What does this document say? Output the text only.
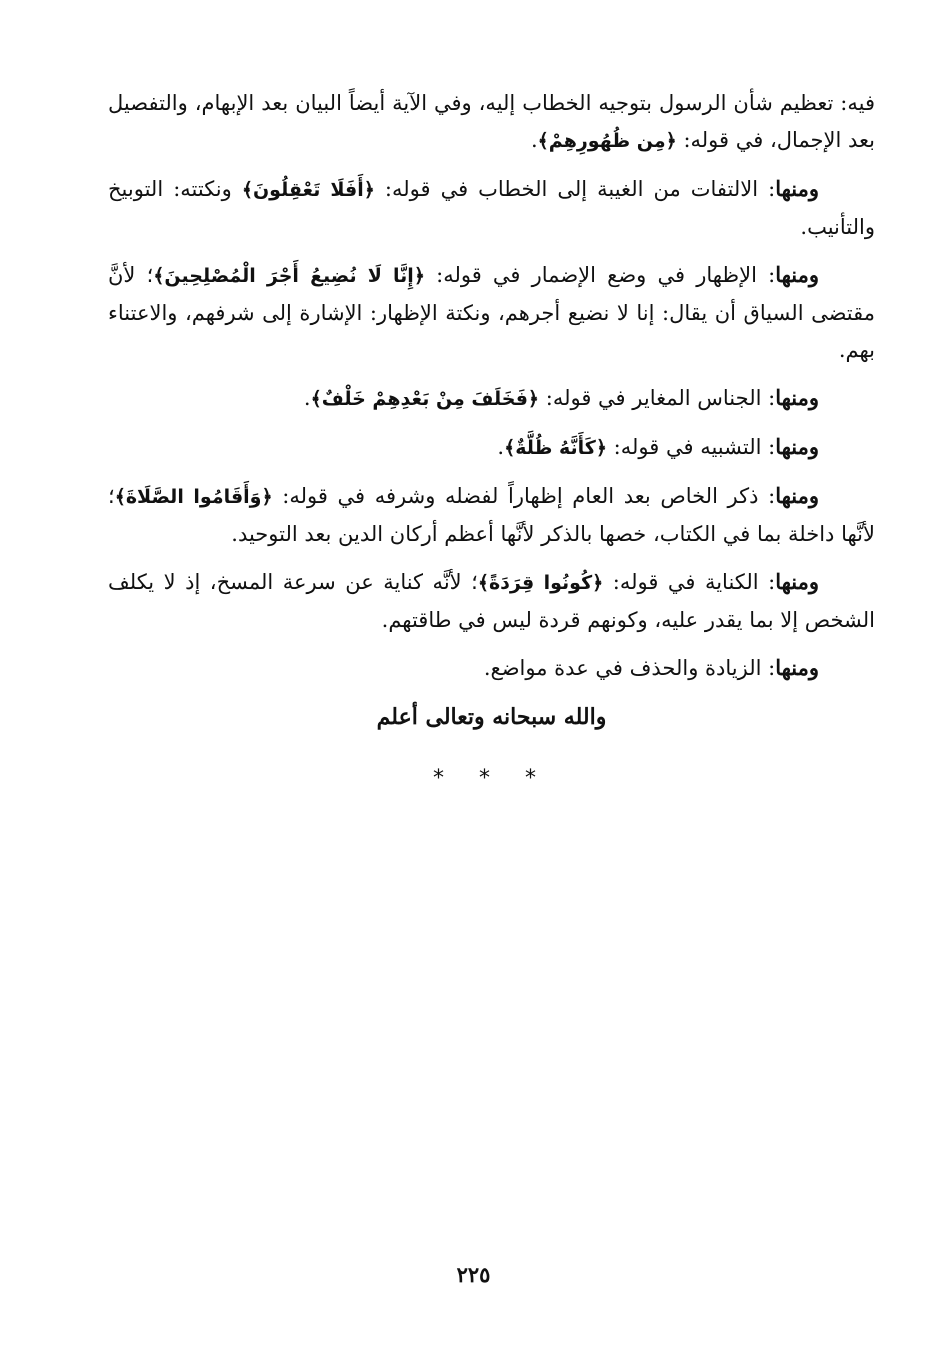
فيه: تعظيم شأن الرسول بتوجيه الخطاب إليه، وفي الآية أيضاً البيان بعد الإبهام، والتفصيل بعد الإجمال، في قوله: ﴿مِن ظُهُورِهِمْ﴾.

ومنها: الالتفات من الغيبة إلى الخطاب في قوله: ﴿أَفَلَا تَعْقِلُونَ﴾ ونكتته: التوبيخ والتأنيب.

ومنها: الإظهار في وضع الإضمار في قوله: ﴿إِنَّا لَا نُضِيعُ أَجْرَ الْمُصْلِحِينَ﴾؛ لأنَّ مقتضى السياق أن يقال: إنا لا نضيع أجرهم، ونكتة الإظهار: الإشارة إلى شرفهم، والاعتناء بهم.

ومنها: الجناس المغاير في قوله: ﴿فَخَلَفَ مِنْ بَعْدِهِمْ خَلْفٌ﴾.

ومنها: التشبيه في قوله: ﴿كَأَنَّهُ ظُلَّةٌ﴾.

ومنها: ذكر الخاص بعد العام إظهاراً لفضله وشرفه في قوله: ﴿وَأَقَامُوا الصَّلَاةَ﴾؛ لأنَّها داخلة بما في الكتاب، خصها بالذكر لأنَّها أعظم أركان الدين بعد التوحيد.

ومنها: الكناية في قوله: ﴿كُونُوا قِرَدَةً﴾؛ لأنَّه كناية عن سرعة المسخ، إذ لا يكلف الشخص إلا بما يقدر عليه، وكونهم قردة ليس في طاقتهم.

ومنها: الزيادة والحذف في عدة مواضع.

والله سبحانه وتعالى أعلم

* * *
٢٢٥
